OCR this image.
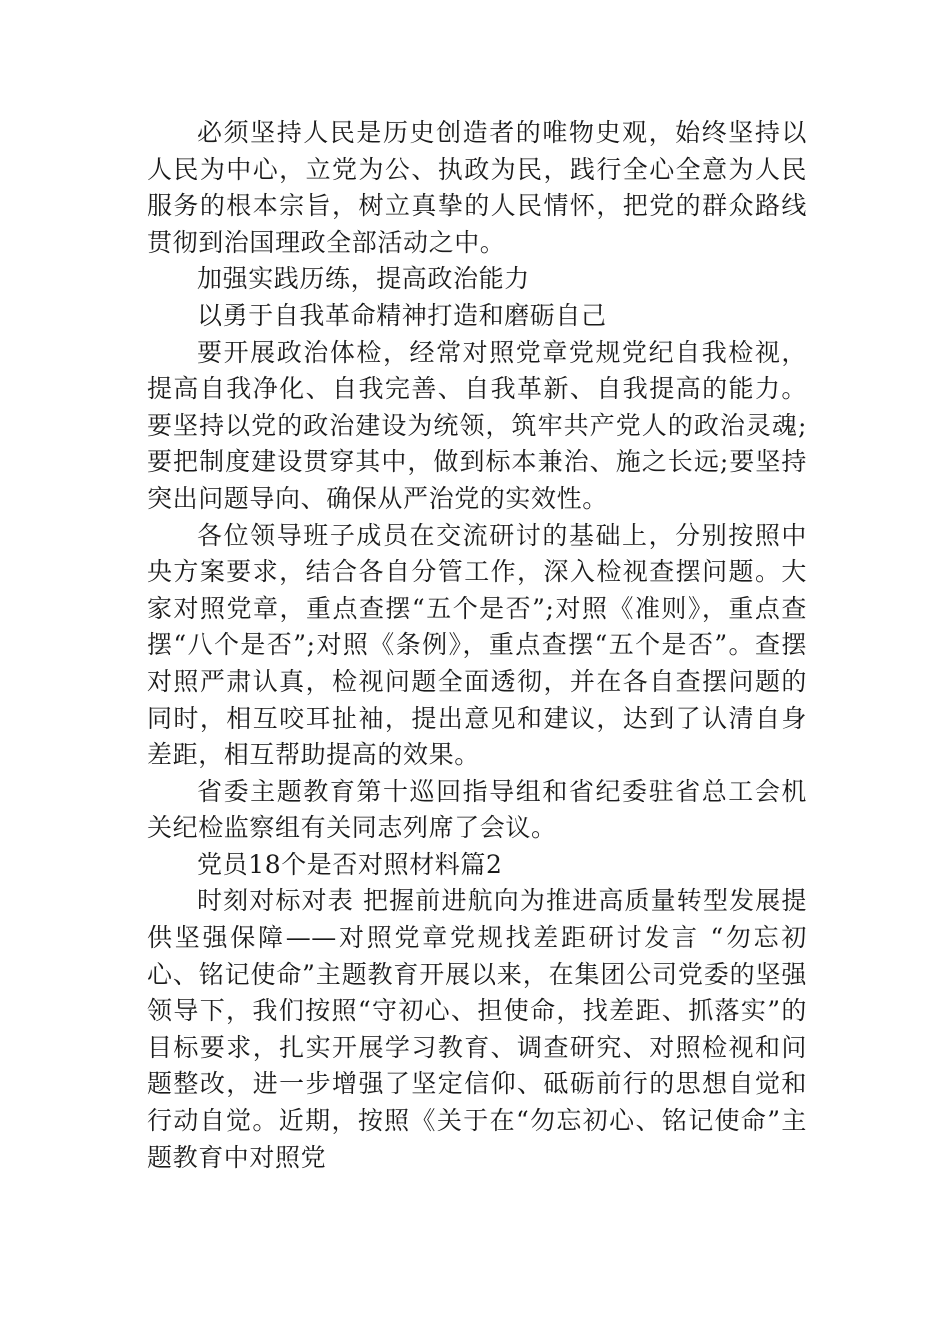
必须坚持人民是历史创造者的唯物史观，始终坚持以人民为中心，立党为公、执政为民，践行全心全意为人民服务的根本宗旨，树立真挚的人民情怀，把党的群众路线贯彻到治国理政全部活动之中。

加强实践历练，提高政治能力

以勇于自我革命精神打造和磨砺自己

要开展政治体检，经常对照党章党规党纪自我检视，提高自我净化、自我完善、自我革新、自我提高的能力。要坚持以党的政治建设为统领，筑牢共产党人的政治灵魂;要把制度建设贯穿其中，做到标本兼治、施之长远;要坚持突出问题导向、确保从严治党的实效性。

各位领导班子成员在交流研讨的基础上，分别按照中央方案要求，结合各自分管工作，深入检视查摆问题。大家对照党章，重点查摆“五个是否”;对照《准则》，重点查摆“八个是否”;对照《条例》，重点查摆“五个是否”。查摆对照严肃认真，检视问题全面透彻，并在各自查摆问题的同时，相互咬耳扯袖，提出意见和建议，达到了认清自身差距，相互帮助提高的效果。

省委主题教育第十巡回指导组和省纪委驻省总工会机关纪检监察组有关同志列席了会议。

党员18个是否对照材料篇2

时刻对标对表 把握前进航向为推进高质量转型发展提供坚强保障——对照党章党规找差距研讨发言 “勿忘初心、铭记使命”主题教育开展以来，在集团公司党委的坚强领导下，我们按照“守初心、担使命，找差距、抓落实”的目标要求，扎实开展学习教育、调查研究、对照检视和问题整改，进一步增强了坚定信仰、砥砺前行的思想自觉和行动自觉。近期，按照《关于在“勿忘初心、铭记使命”主题教育中对照党
